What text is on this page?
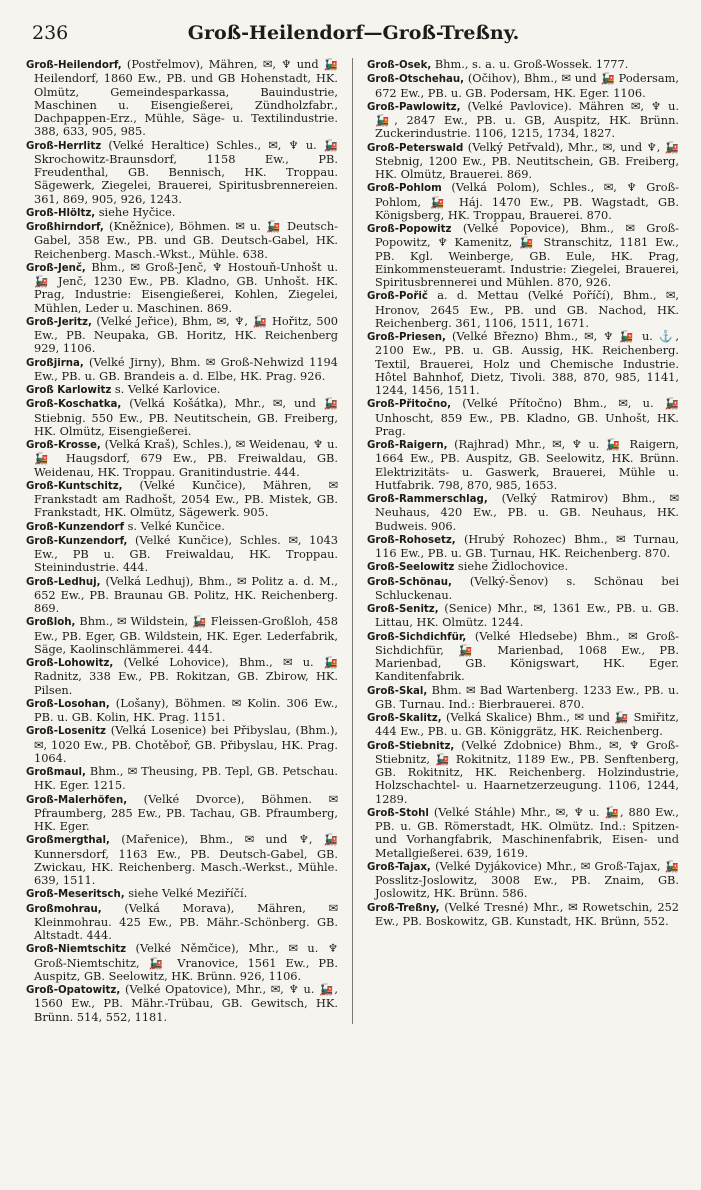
236	Groß-Heilendorf—Groß-Treßny.

Groß-Heilendorf, (Postřelmov), Mähren, ✉, ♆ und 🚂 Heilendorf, 1860 Ew., PB. und GB Hohenstadt, HK. Olmütz, Gemeindesparkassa, Bauindustrie, Maschinen u. Eisengießerei, Zündholzfabr., Dachpappen-Erz., Mühle, Säge- u. Textilindustrie. 388, 633, 905, 985.

Groß-Herrlitz (Velké Heraltice) Schles., ✉, ♆ u. 🚂 Skrochowitz-Braunsdorf, 1158 Ew., PB. Freudenthal, GB. Bennisch, HK. Troppau. Sägewerk, Ziegelei, Brauerei, Spiritusbrennereien. 361, 869, 905, 926, 1243.

Groß-Hlöltz, siehe Hyčice.

Großhirndorf, (Kněžnice), Böhmen. ✉ u. 🚂 Deutsch-Gabel, 358 Ew., PB. und GB. Deutsch-Gabel, HK. Reichenberg. Masch.-Wkst., Mühle. 638.

Groß-Jenč, Bhm., ✉ Groß-Jenč, ♆ Hostouň-Unhošt u. 🚂 Jenč, 1230 Ew., PB. Kladno, GB. Unhošt. HK. Prag, Industrie: Eisengießerei, Kohlen, Ziegelei, Mühlen, Leder u. Maschinen. 869.

Groß-Jeritz, (Velké Jeřice), Bhm, ✉, ♆, 🚂 Hořitz, 500 Ew., PB. Neupaka, GB. Horitz, HK. Reichenberg 929, 1106.

Großjirna, (Velké Jirny), Bhm. ✉ Groß-Nehwizd 1194 Ew., PB. u. GB. Brandeis a. d. Elbe, HK. Prag. 926.

Groß Karlowitz s. Velké Karlovice.

Groß-Koschatka, (Velká Košátka), Mhr., ✉, und 🚂 Stiebnig. 550 Ew., PB. Neutitschein, GB. Freiberg, HK. Olmütz, Eisengießerei.

Groß-Krosse, (Velká Kraš), Schles.), ✉ Weidenau, ♆ u. 🚂 Haugsdorf, 679 Ew., PB. Freiwaldau, GB. Weidenau, HK. Troppau. Granitindustrie. 444.

Groß-Kuntschitz, (Velké Kunčice), Mähren, ✉ Frankstadt am Radhošt, 2054 Ew., PB. Mistek, GB. Frankstadt, HK. Olmütz, Sägewerk. 905.

Groß-Kunzendorf s. Velké Kunčice.

Groß-Kunzendorf, (Velké Kunčice), Schles. ✉, 1043 Ew., PB u. GB. Freiwaldau, HK. Troppau. Steinindustrie. 444.

Groß-Ledhuj, (Velká Ledhuj), Bhm., ✉ Politz a. d. M., 652 Ew., PB. Braunau GB. Politz, HK. Reichenberg. 869.

Großloh, Bhm., ✉ Wildstein, 🚂 Fleissen-Großloh, 458 Ew., PB. Eger, GB. Wildstein, HK. Eger. Lederfabrik, Säge, Kaolinschlämmerei. 444.

Groß-Lohowitz, (Velké Lohovice), Bhm., ✉ u. 🚂 Radnitz, 338 Ew., PB. Rokitzan, GB. Zbirow, HK. Pilsen.

Groß-Losohan, (Lošany), Böhmen. ✉ Kolin. 306 Ew., PB. u. GB. Kolin, HK. Prag. 1151.

Groß-Losenitz (Velká Losenice) bei Přibyslau, (Bhm.), ✉, 1020 Ew., PB. Chotěboř, GB. Přibyslau, HK. Prag. 1064.

Großmaul, Bhm., ✉ Theusing, PB. Tepl, GB. Petschau. HK. Eger. 1215.

Groß-Malerhöfen, (Velké Dvorce), Böhmen. ✉ Pfraumberg, 285 Ew., PB. Tachau, GB. Pfraumberg, HK. Eger.

Großmergthal, (Mařenice), Bhm., ✉ und ♆, 🚂 Kunnersdorf, 1163 Ew., PB. Deutsch-Gabel, GB. Zwickau, HK. Reichenberg. Masch.-Werkst., Mühle. 639, 1511.

Groß-Meseritsch, siehe Velké Meziříčí.

Großmohrau, (Velká Morava), Mähren, ✉ Kleinmohrau. 425 Ew., PB. Mähr.-Schönberg. GB. Altstadt. 444.

Groß-Niemtschitz (Velké Němčice), Mhr., ✉ u. ♆ Groß-Niemtschitz, 🚂 Vranovice, 1561 Ew., PB. Auspitz, GB. Seelowitz, HK. Brünn. 926, 1106.

Groß-Opatowitz, (Velké Opatovice), Mhr., ✉, ♆ u. 🚂, 1560 Ew., PB. Mähr.-Trübau, GB. Gewitsch, HK. Brünn. 514, 552, 1181.

Groß-Osek, Bhm., s. a. u. Groß-Wossek. 1777.

Groß-Otschehau, (Očihov), Bhm., ✉ und 🚂 Podersam, 672 Ew., PB. u. GB. Podersam, HK. Eger. 1106.

Groß-Pawlowitz, (Velké Pavlovice). Mähren ✉, ♆ u. 🚂, 2847 Ew., PB. u. GB, Auspitz, HK. Brünn. Zuckerindustrie. 1106, 1215, 1734, 1827.

Groß-Peterswald (Velký Petřvald), Mhr., ✉, und ♆, 🚂 Stebnig, 1200 Ew., PB. Neutitschein, GB. Freiberg, HK. Olmütz, Brauerei. 869.

Groß-Pohlom (Velká Polom), Schles., ✉, ♆ Groß-Pohlom, 🚂 Háj. 1470 Ew., PB. Wagstadt, GB. Königsberg, HK. Troppau, Brauerei. 870.

Groß-Popowitz (Velké Popovice), Bhm., ✉ Groß-Popowitz, ♆ Kamenitz, 🚂 Stranschitz, 1181 Ew., PB. Kgl. Weinberge, GB. Eule, HK. Prag, Einkommensteueramt. Industrie: Ziegelei, Brauerei, Spiritusbrennerei und Mühlen. 870, 926.

Groß-Pořič a. d. Mettau (Velké Poříčí), Bhm., ✉, Hronov, 2645 Ew., PB. und GB. Nachod, HK. Reichenberg. 361, 1106, 1511, 1671.

Groß-Priesen, (Velké Březno) Bhm., ✉, ♆ 🚂 u. ⚓, 2100 Ew., PB. u. GB. Aussig, HK. Reichenberg. Textil, Brauerei, Holz und Chemische Industrie. Hôtel Bahnhof, Dietz, Tivoli. 388, 870, 985, 1141, 1244, 1456, 1511.

Groß-Přitočno, (Velké Přítočno) Bhm., ✉, u. 🚂 Unhoscht, 859 Ew., PB. Kladno, GB. Unhošt, HK. Prag.

Groß-Raigern, (Rajhrad) Mhr., ✉, ♆ u. 🚂 Raigern, 1664 Ew., PB. Auspitz, GB. Seelowitz, HK. Brünn. Elektrizitäts- u. Gaswerk, Brauerei, Mühle u. Hutfabrik. 798, 870, 985, 1653.

Groß-Rammerschlag, (Velký Ratmirov) Bhm., ✉ Neuhaus, 420 Ew., PB. u. GB. Neuhaus, HK. Budweis. 906.

Groß-Rohosetz, (Hrubý Rohozec) Bhm., ✉ Turnau, 116 Ew., PB. u. GB. Turnau, HK. Reichenberg. 870.

Groß-Seelowitz siehe Židlochovice.

Groß-Schönau, (Velký-Šenov) s. Schönau bei Schluckenau.

Groß-Senitz, (Senice) Mhr., ✉, 1361 Ew., PB. u. GB. Littau, HK. Olmütz. 1244.

Groß-Sichdichfür, (Velké Hledsebe) Bhm., ✉ Groß-Sichdichfür, 🚂 Marienbad, 1068 Ew., PB. Marienbad, GB. Königswart, HK. Eger. Kanditenfabrik.

Groß-Skal, Bhm. ✉ Bad Wartenberg. 1233 Ew., PB. u. GB. Turnau. Ind.: Bierbrauerei. 870.

Groß-Skalitz, (Velká Skalice) Bhm., ✉ und 🚂 Smiřitz, 444 Ew., PB. u. GB. Königgrätz, HK. Reichenberg.

Groß-Stiebnitz, (Velké Zdobnice) Bhm., ✉, ♆ Groß-Stiebnitz, 🚂 Rokitnitz, 1189 Ew., PB. Senftenberg, GB. Rokitnitz, HK. Reichenberg. Holzindustrie, Holzschachtel- u. Haarnetzerzeugung. 1106, 1244, 1289.

Groß-Stohl (Velké Stáhle) Mhr., ✉, ♆ u. 🚂, 880 Ew., PB. u. GB. Römerstadt, HK. Olmütz. Ind.: Spitzen- und Vorhangfabrik, Maschinenfabrik, Eisen- und Metallgießerei. 639, 1619.

Groß-Tajax, (Velké Dyjákovice) Mhr., ✉ Groß-Tajax, 🚂 Posslitz-Joslowitz, 3008 Ew., PB. Znaim, GB. Joslowitz, HK. Brünn. 586.

Groß-Treßny, (Velké Tresné) Mhr., ✉ Rowetschin, 252 Ew., PB. Boskowitz, GB. Kunstadt, HK. Brünn, 552.
